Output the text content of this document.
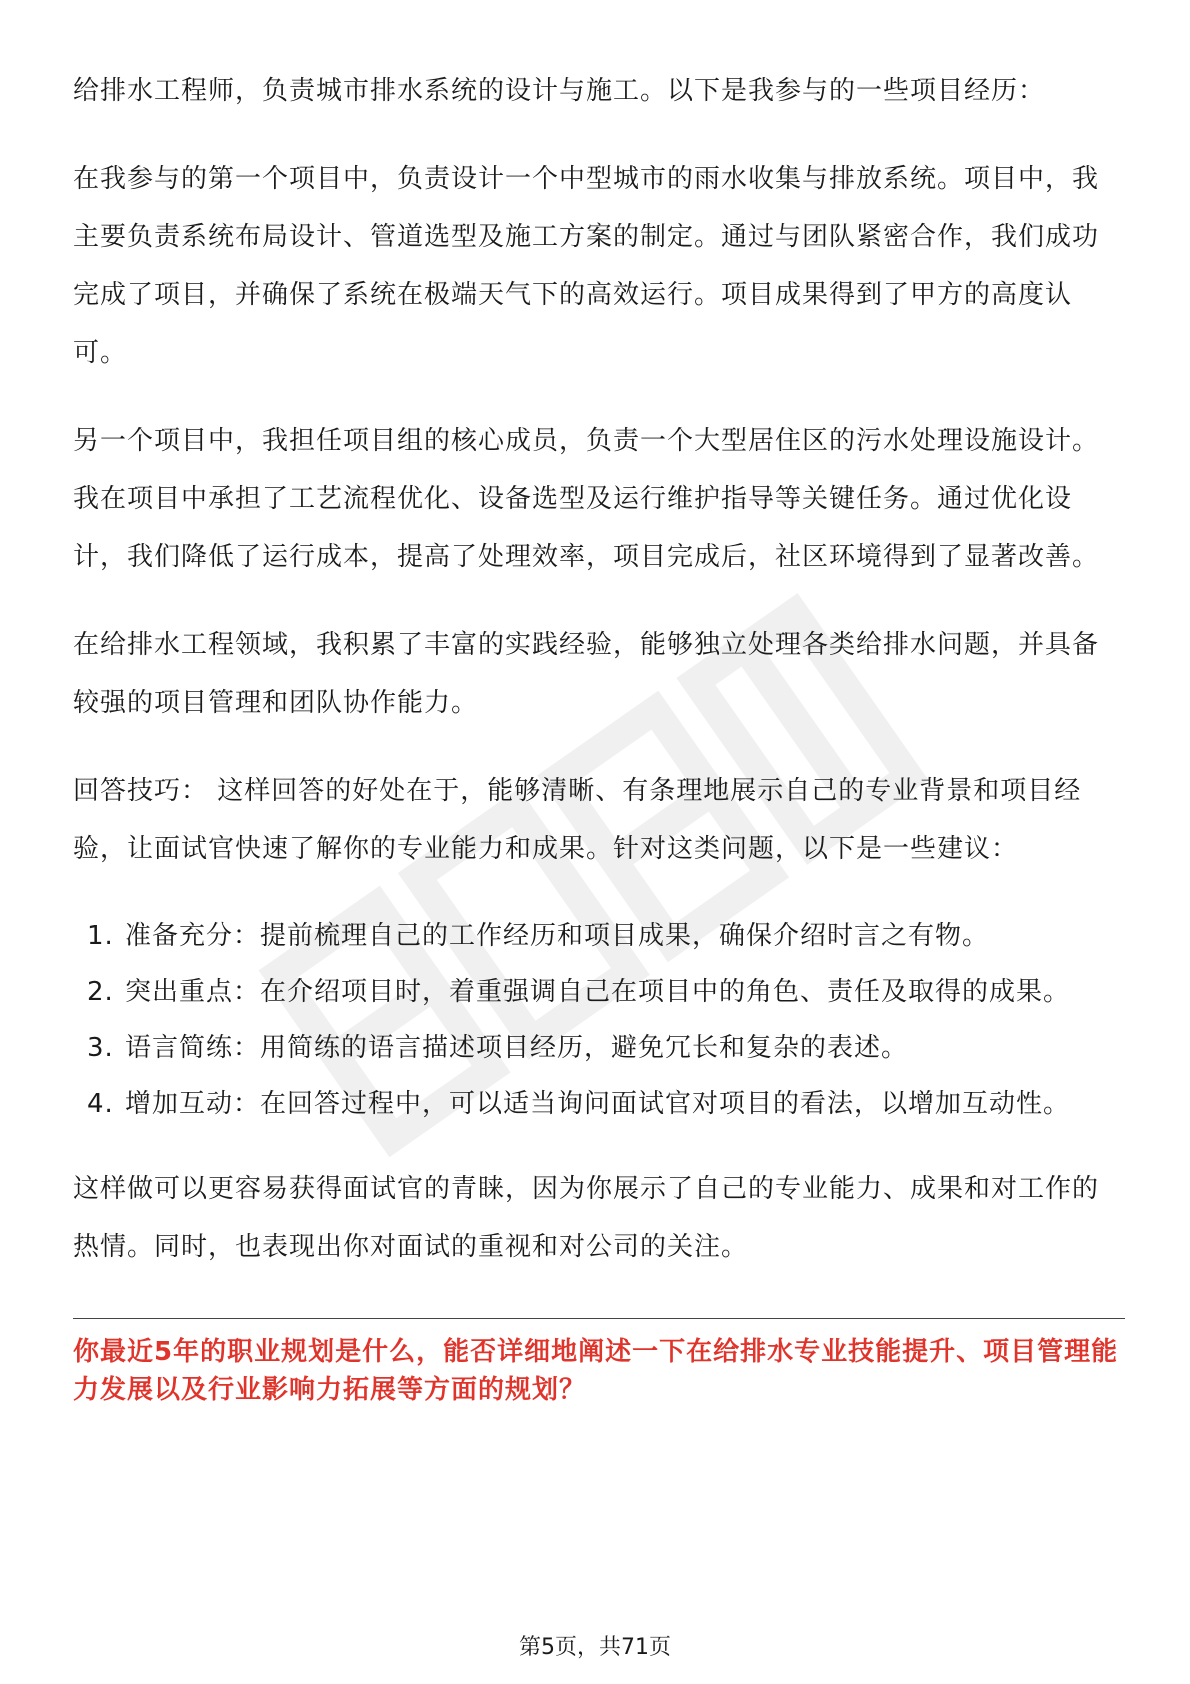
给排水工程师，负责城市排水系统的设计与施工。以下是我参与的一些项目经历：

在我参与的第一个项目中，负责设计一个中型城市的雨水收集与排放系统。项目中，我主要负责系统布局设计、管道选型及施工方案的制定。通过与团队紧密合作，我们成功完成了项目，并确保了系统在极端天气下的高效运行。项目成果得到了甲方的高度认可。

另一个项目中，我担任项目组的核心成员，负责一个大型居住区的污水处理设施设计。我在项目中承担了工艺流程优化、设备选型及运行维护指导等关键任务。通过优化设计，我们降低了运行成本，提高了处理效率，项目完成后，社区环境得到了显著改善。

在给排水工程领域，我积累了丰富的实践经验，能够独立处理各类给排水问题，并具备较强的项目管理和团队协作能力。

回答技巧： 这样回答的好处在于，能够清晰、有条理地展示自己的专业背景和项目经验，让面试官快速了解你的专业能力和成果。针对这类问题，以下是一些建议：

1. 准备充分：提前梳理自己的工作经历和项目成果，确保介绍时言之有物。
2. 突出重点：在介绍项目时，着重强调自己在项目中的角色、责任及取得的成果。
3. 语言简练：用简练的语言描述项目经历，避免冗长和复杂的表述。
4. 增加互动：在回答过程中，可以适当询问面试官对项目的看法，以增加互动性。

这样做可以更容易获得面试官的青睐，因为你展示了自己的专业能力、成果和对工作的热情。同时，也表现出你对面试的重视和对公司的关注。

你最近5年的职业规划是什么，能否详细地阐述一下在给排水专业技能提升、项目管理能力发展以及行业影响力拓展等方面的规划？

第5页，共71页
